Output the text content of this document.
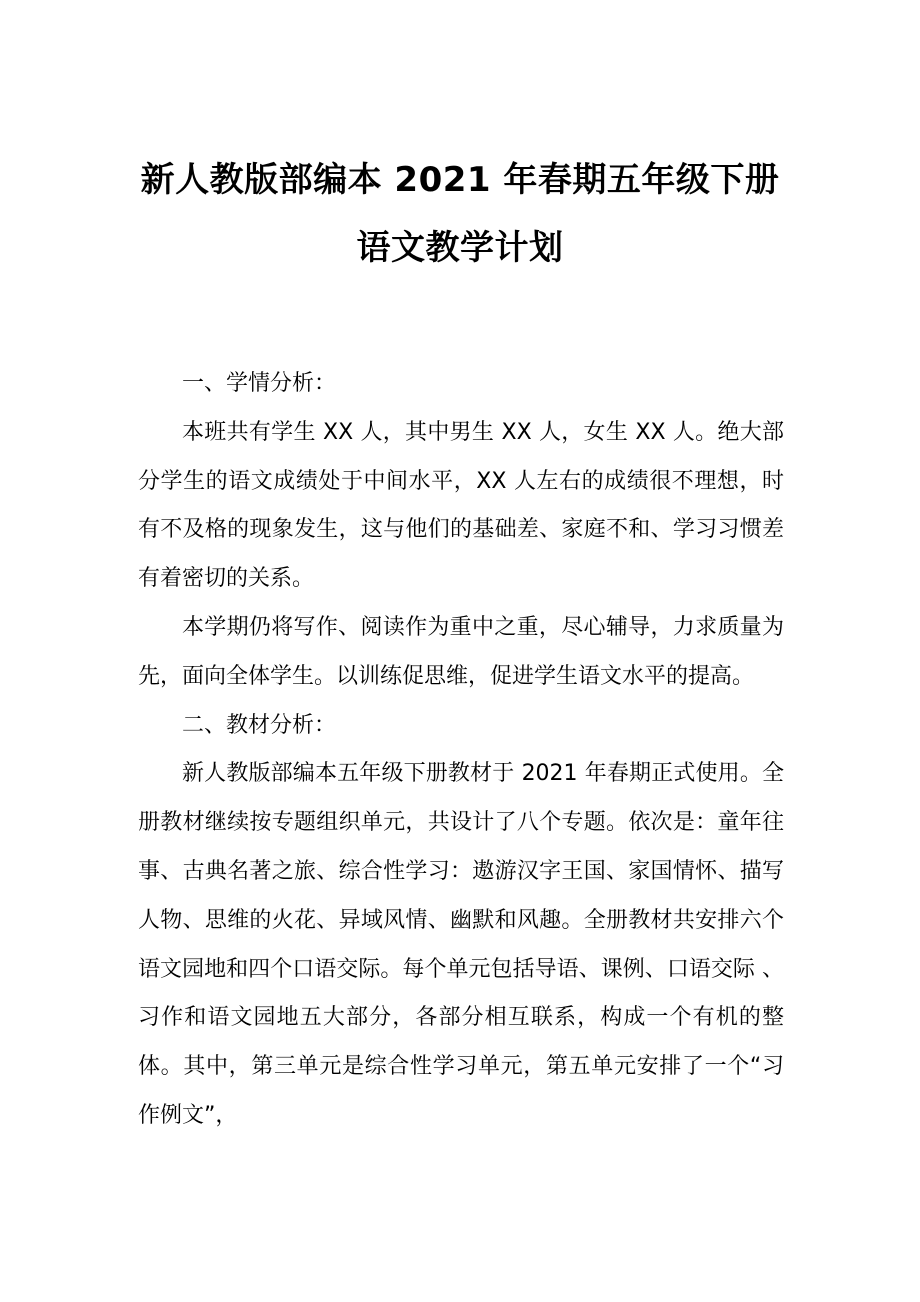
新人教版部编本 2021 年春期五年级下册
语文教学计划

一、学情分析：

本班共有学生 XX 人，其中男生 XX 人，女生 XX 人。绝大部分学生的语文成绩处于中间水平，XX 人左右的成绩很不理想，时有不及格的现象发生，这与他们的基础差、家庭不和、学习习惯差有着密切的关系。

本学期仍将写作、阅读作为重中之重，尽心辅导，力求质量为先，面向全体学生。以训练促思维，促进学生语文水平的提高。

二、教材分析：

新人教版部编本五年级下册教材于 2021 年春期正式使用。全册教材继续按专题组织单元，共设计了八个专题。依次是：童年往事、古典名著之旅、综合性学习：遨游汉字王国、家国情怀、描写人物、思维的火花、异域风情、幽默和风趣。全册教材共安排六个语文园地和四个口语交际。每个单元包括导语、课例、口语交际 、习作和语文园地五大部分，各部分相互联系，构成一个有机的整体。其中，第三单元是综合性学习单元，第五单元安排了一个“习作例文”，
